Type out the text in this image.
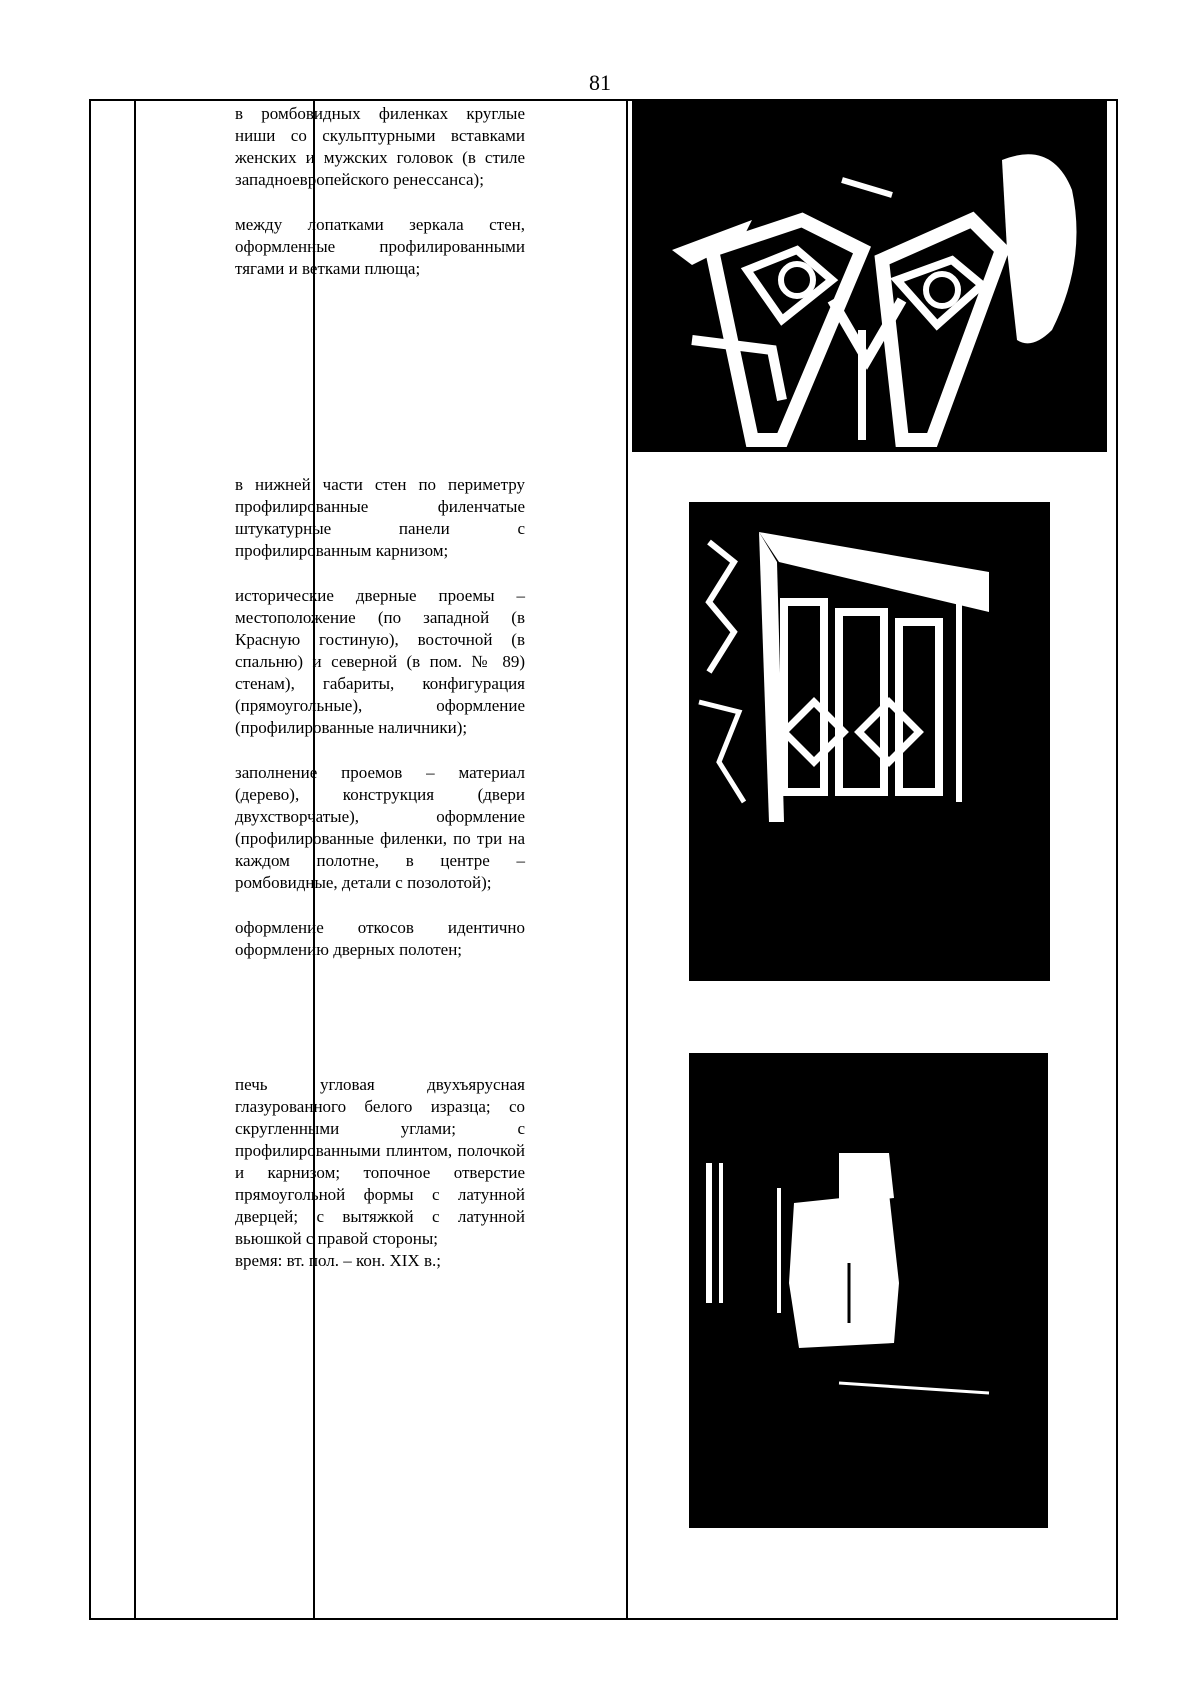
81

в ромбовидных филенках круглые ниши со скульптурными вставками женских и мужских головок (в стиле западноевропейского ренессанса);

между лопатками зеркала стен, оформленные профилированными тягами и ветками плюща;

в нижней части стен по периметру профилированные филенчатые штукатурные панели с профилированным карнизом;

исторические дверные проемы – местоположение (по западной (в Красную гостиную), восточной (в спальню) и северной (в пом. № 89) стенам), габариты, конфигурация (прямоугольные), оформление (профилированные наличники);

заполнение проемов – материал (дерево), конструкция (двери двухстворчатые), оформление (профилированные филенки, по три на каждом полотне, в центре – ромбовидные, детали с позолотой);

оформление откосов идентично оформлению дверных полотен;

печь угловая двухъярусная глазурованного белого изразца; со скругленными углами; с профилированными плинтом, полочкой и карнизом; топочное отверстие прямоугольной формы с латунной дверцей; с вытяжкой с латунной вьюшкой с правой стороны;

время: вт. пол. – кон. XIX в.;
